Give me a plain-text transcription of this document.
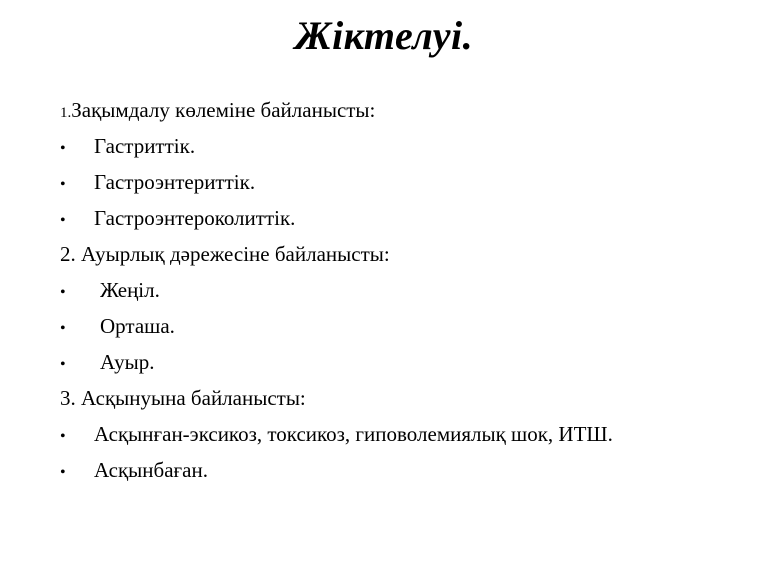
Жіктелуі.
1.Зақымдалу көлеміне байланысты:
•	Гастриттік.
•	Гастроэнтериттік.
•	Гастроэнтероколиттік.
2. Ауырлық дәрежесіне байланысты:
•	Жеңіл.
•	Орташа.
•	Ауыр.
3. Асқынуына байланысты:
•	Асқынған-эксикоз, токсикоз, гиповолемиялық шок, ИТШ.
•	Асқынбаған.
